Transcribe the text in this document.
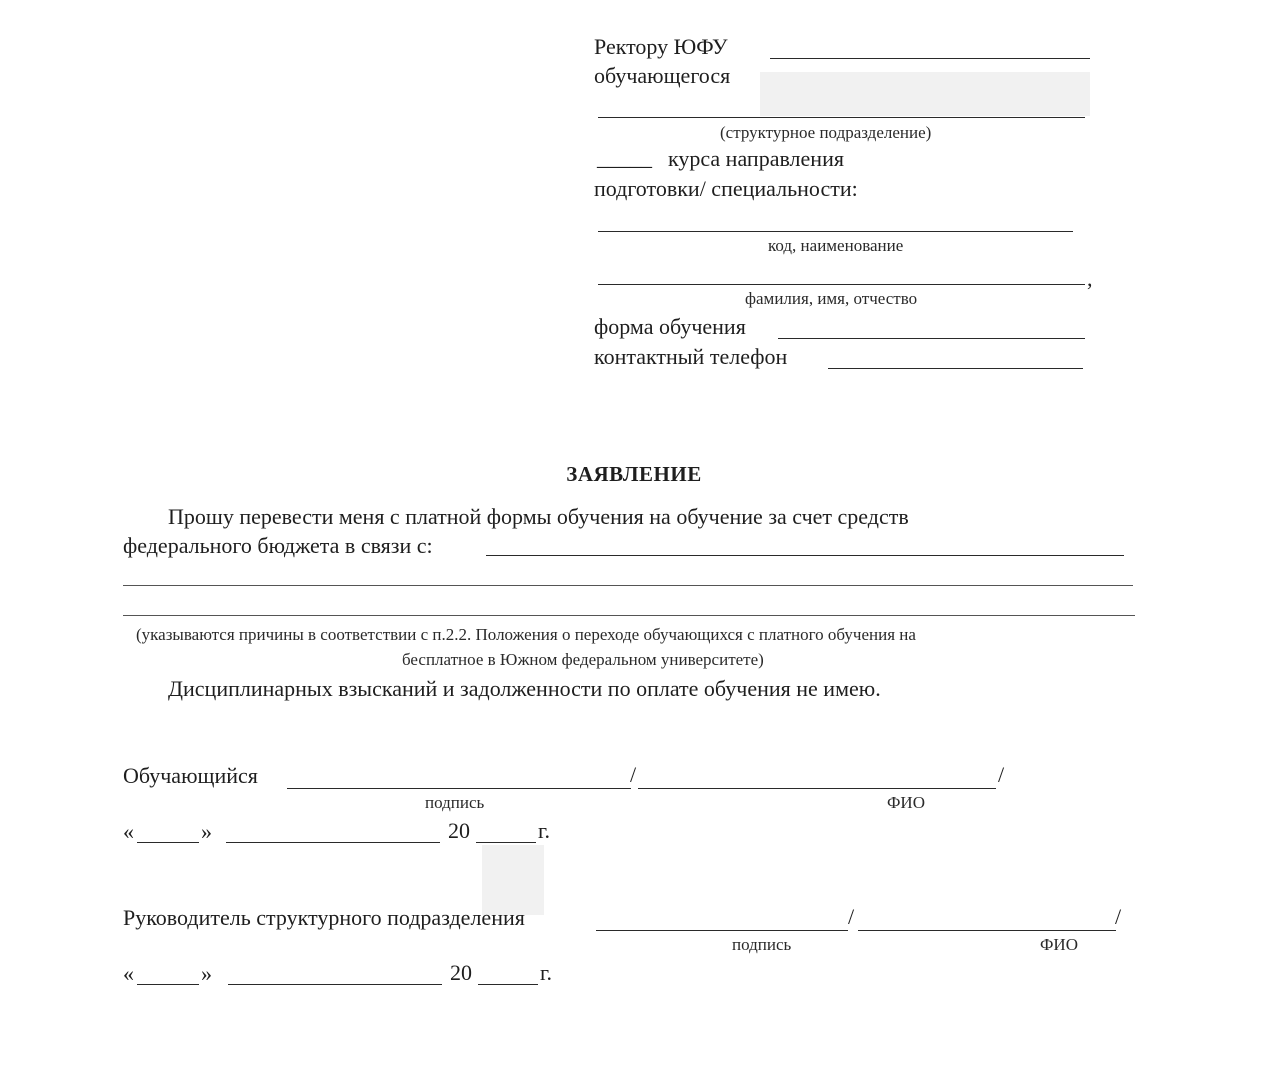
Ректору ЮФУ
обучающегося
(структурное подразделение)
_____ курса направления
подготовки/ специальности:
код, наименование
,
фамилия, имя, отчество
форма обучения
контактный телефон
ЗАЯВЛЕНИЕ
Прошу перевести меня с платной формы обучения на обучение за счет средств
федерального бюджета в связи с:
(указываются причины в соответствии с п.2.2. Положения о переходе обучающихся с платного обучения на
бесплатное в Южном федеральном университете)
Дисциплинарных взысканий и задолженности по оплате обучения не имею.
Обучающийся	/	/
подпись	ФИО
«	»	20	г.
Руководитель структурного подразделения	/	/
подпись	ФИО
«	»	20	г.
